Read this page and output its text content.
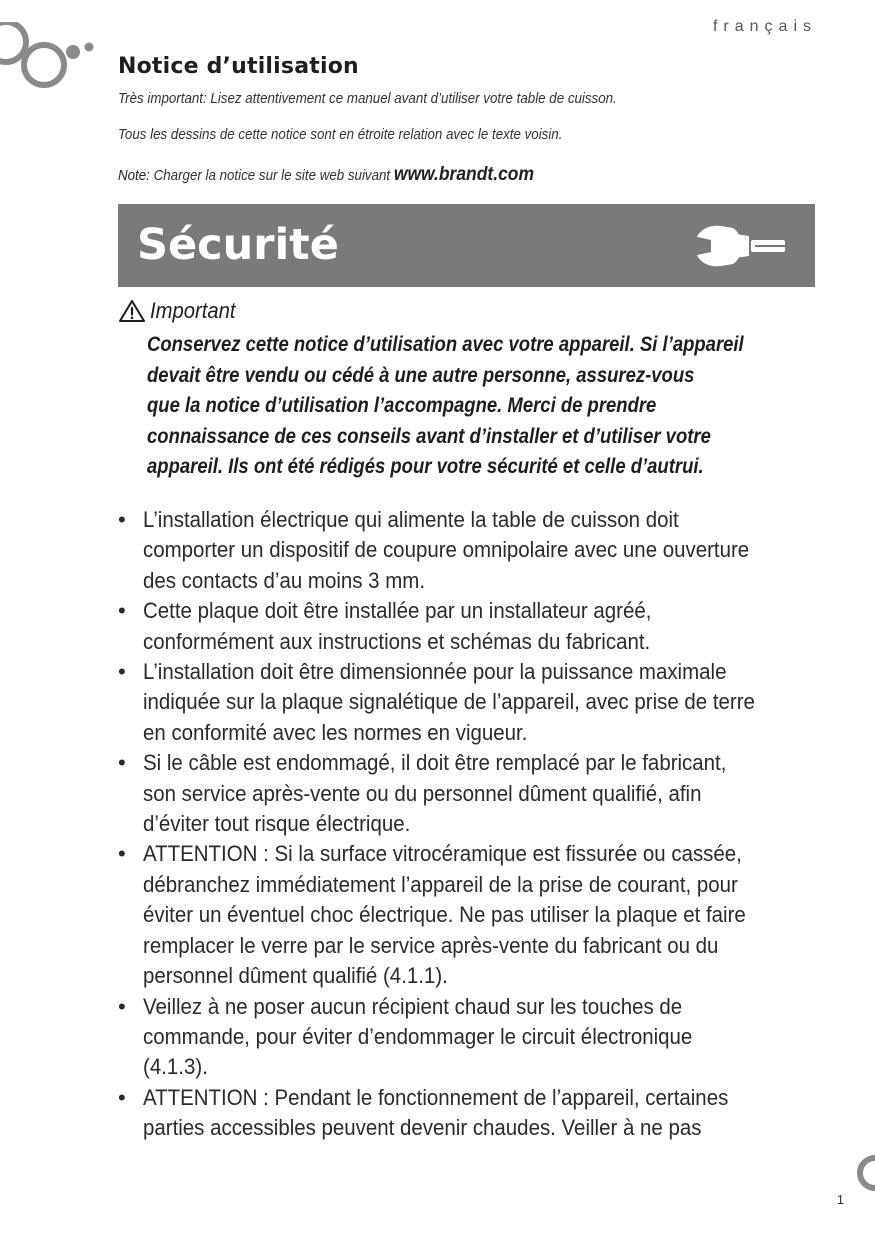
français
Notice d’utilisation

Très important: Lisez attentivement ce manuel avant d’utiliser votre table de cuisson.

Tous les dessins de cette notice sont en étroite relation avec le texte voisin.

Note: Charger la notice sur le site web suivant www.brandt.com

Sécurité
Important

Conservez cette notice d’utilisation avec votre appareil. Si l’appareil
devait être vendu ou cédé à une autre personne, assurez-vous
que la notice d’utilisation l’accompagne. Merci de prendre
connaissance de ces conseils avant d’installer et d’utiliser votre
appareil. Ils ont été rédigés pour votre sécurité et celle d’autrui.

• L’installation électrique qui alimente la table de cuisson doit
comporter un dispositif de coupure omnipolaire avec une ouverture
des contacts d’au moins 3 mm.
• Cette plaque doit être installée par un installateur agréé,
conformément aux instructions et schémas du fabricant.
• L’installation doit être dimensionnée pour la puissance maximale
indiquée sur la plaque signalétique de l’appareil, avec prise de terre
en conformité avec les normes en vigueur.
• Si le câble est endommagé, il doit être remplacé par le fabricant,
son service après-vente ou du personnel dûment qualifié, afin
d’éviter tout risque électrique.
• ATTENTION : Si la surface vitrocéramique est fissurée ou cassée,
débranchez immédiatement l’appareil de la prise de courant, pour
éviter un éventuel choc électrique. Ne pas utiliser la plaque et faire
remplacer le verre par le service après-vente du fabricant ou du
personnel dûment qualifié (4.1.1).
• Veillez à ne poser aucun récipient chaud sur les touches de
commande, pour éviter d’endommager le circuit électronique
(4.1.3).
• ATTENTION : Pendant le fonctionnement de l’appareil, certaines
parties accessibles peuvent devenir chaudes. Veiller à ne pas
1
